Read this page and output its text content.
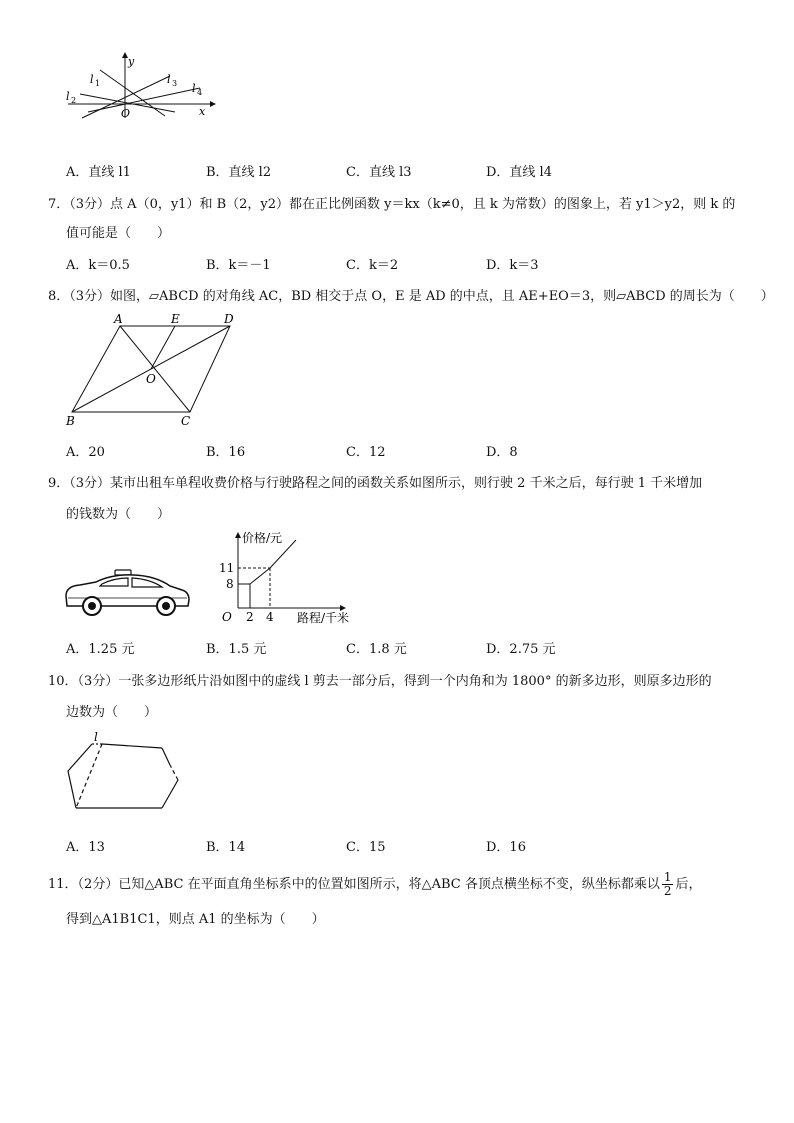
y
x
O
l 1
l 2
l 3 l 4
A．直线 l1	B．直线 l2	C．直线 l3	D．直线 l4
7．（3分）点 A（0，y1）和 B（2，y2）都在正比例函数 y＝kx（k≠0，且 k 为常数）的图象上，若 y1＞y2，则 k 的
值可能是（　　）
A．k＝0.5	B．k＝－1	C．k＝2	D．k＝3
8．（3分）如图，▱ABCD 的对角线 AC，BD 相交于点 O，E 是 AD 的中点，且 AE+EO＝3，则▱ABCD 的周长为（　　）
A	E	D
O
B	C
A．20	B．16	C．12	D．8
9．（3分）某市出租车单程收费价格与行驶路程之间的函数关系如图所示，则行驶 2 千米之后，每行驶 1 千米增加
的钱数为（　　）
价格/元
路程/千米
O
11
8
2 4
A．1.25 元	B．1.5 元	C．1.8 元	D．2.75 元
10．（3分）一张多边形纸片沿如图中的虚线 l 剪去一部分后，得到一个内角和为 1800° 的新多边形，则原多边形的
边数为（　　）
l
A．13	B．14	C．15	D．16
11．（2分）已知△ABC 在平面直角坐标系中的位置如图所示，将△ABC 各顶点横坐标不变，纵坐标都乘以 $\frac{1}{2}$ 后，
得到△A1B1C1，则点 A1 的坐标为（　　）
